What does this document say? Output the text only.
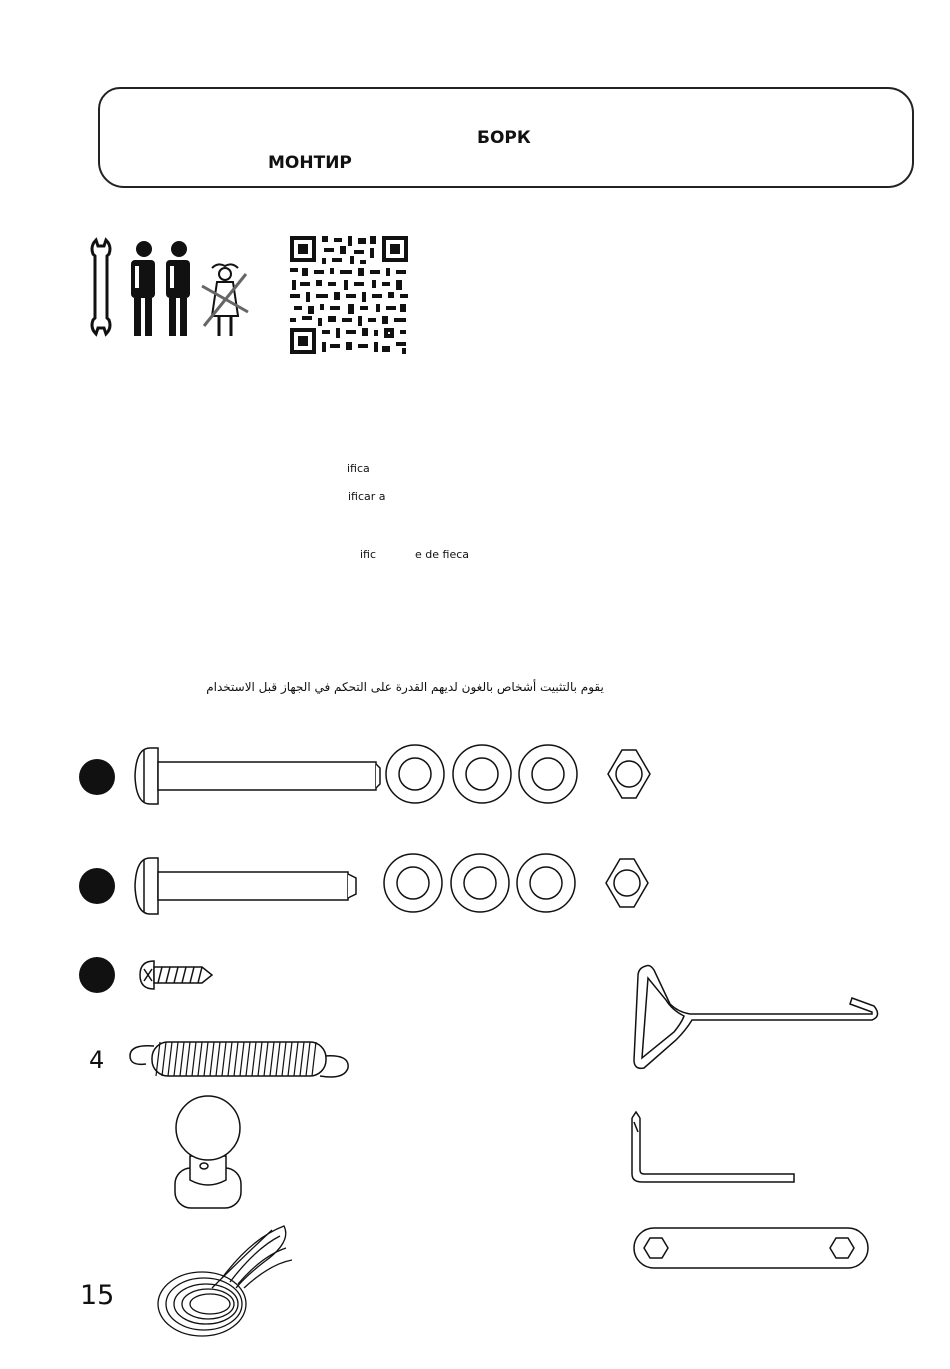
БОРК
МОНТИР
ifica
ificar a
ific	e de fieca
يقوم بالتثبيت أشخاص بالغون لديهم القدرة على التحكم في الجهاز قبل الاستخدام
4
15
